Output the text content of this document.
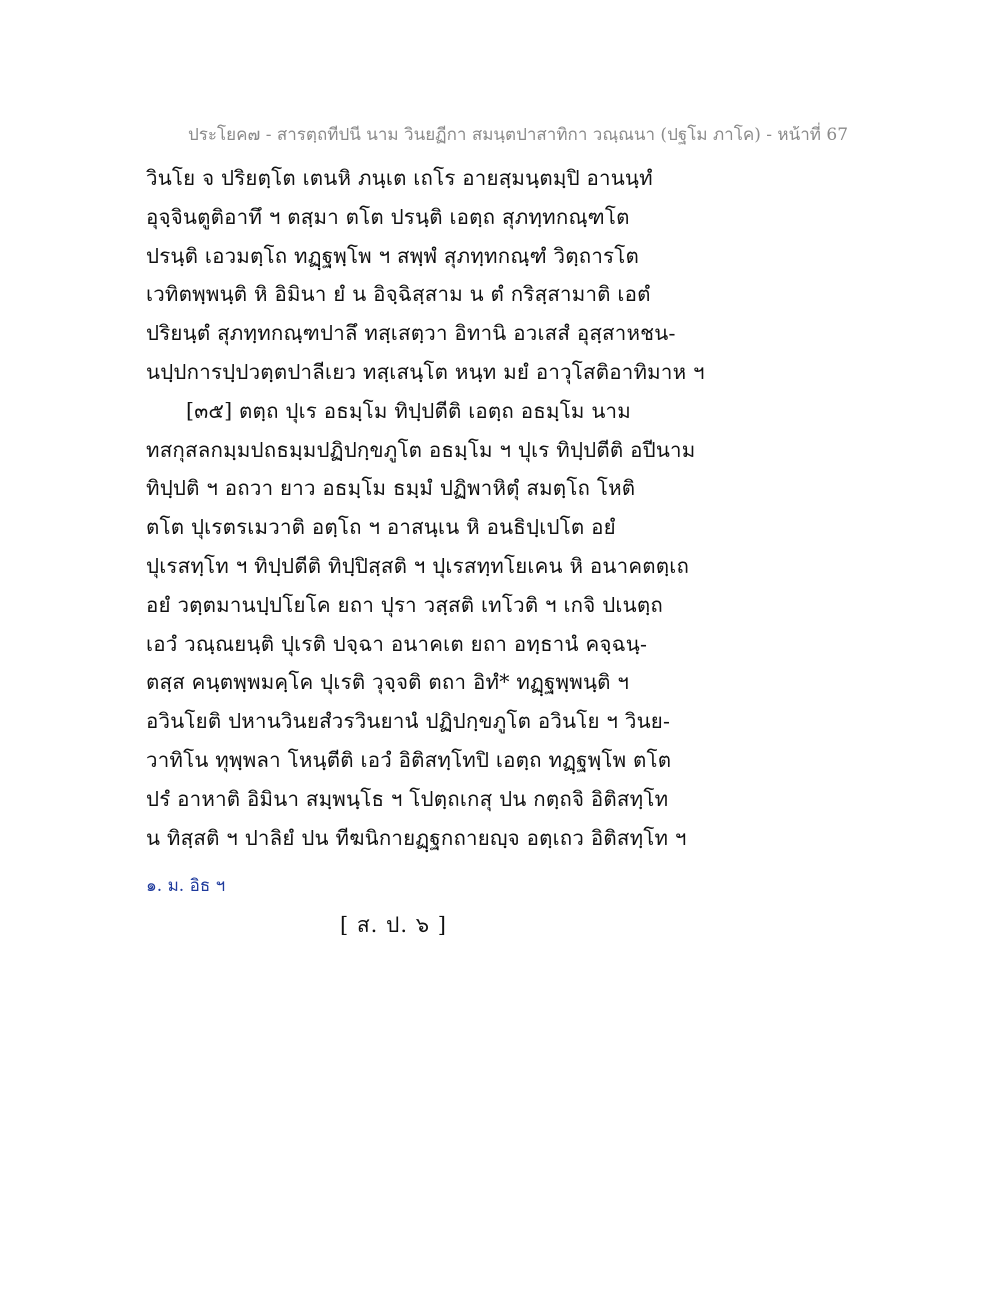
ประโยค๗ - สารตฺถทีปนี นาม วินยฏีกา สมนฺตปาสาทิกา วณฺณนา (ปฐโม ภาโค) - หน้าที่ 67
วินโย จ ปริยตฺโต เตนหิ ภนฺเต เถโร อายสฺมนฺตมฺปิ อานนฺทํ
อุจฺจินตูติอาทึ ฯ ตสฺมา ตโต ปรนฺติ เอตฺถ สุภทฺทกณฺฑโต
ปรนฺติ เอวมตฺโถ ทฏฺฐพฺโพ ฯ สพฺพํ สุภทฺทกณฺฑํ วิตฺถารโต
เวทิตพฺพนฺติ หิ อิมินา ยํ น อิจฺฉิสฺสาม น ตํ กริสฺสามาติ เอตํ
ปริยนฺตํ สุภทฺทกณฺฑปาลึ ทสฺเสตฺวา อิทานิ อวเสสํ อุสฺสาหชน-
นปฺปการปฺปวตฺตปาลีเยว ทสฺเสนฺโต หนฺท มยํ อาวุโสติอาทิมาห ฯ
[๓๕] ตตฺถ ปุเร อธมฺโม ทิปฺปตีติ เอตฺถ อธมฺโม นาม
ทสกุสลกมฺมปถธมฺมปฏิปกฺขภูโต อธมฺโม ฯ ปุเร ทิปฺปตีติ อปีนาม
ทิปฺปติ ฯ อถวา ยาว อธมฺโม ธมฺมํ ปฏิพาหิตุํ สมตฺโถ โหติ
ตโต ปุเรตรเมวาติ อตฺโถ ฯ อาสนฺเน หิ อนธิปฺเปโต อยํ
ปุเรสทฺโท ฯ ทิปฺปตีติ ทิปฺปิสฺสติ ฯ ปุเรสทฺทโยเคน หิ อนาคตตฺเถ
อยํ วตฺตมานปฺปโยโค ยถา ปุรา วสฺสติ เทโวติ ฯ เกจิ ปเนตฺถ
เอวํ วณฺณยนฺติ ปุเรติ ปจฺฉา อนาคเต ยถา อทฺธานํ คจฺฉนฺ-
ตสฺส คนฺตพฺพมคฺโค ปุเรติ วุจฺจติ ตถา อิทํ* ทฏฺฐพฺพนฺติ ฯ
อวินโยติ ปหานวินยสํวรวินยานํ ปฏิปกฺขภูโต อวินโย ฯ วินย-
วาทิโน ทุพฺพลา โหนฺตีติ เอวํ อิติสทฺโทปิ เอตฺถ ทฏฺฐพฺโพ ตโต
ปรํ อาหาติ อิมินา สมฺพนฺโธ ฯ โปตฺถเกสุ ปน กตฺถจิ อิติสทฺโท
น ทิสฺสติ ฯ ปาลิยํ ปน ทีฆนิกายฏฺฐกถายญฺจ อตฺเถว อิติสทฺโท ฯ
๑. ม. อิธ ฯ
[ ส. ป. ๖ ]
